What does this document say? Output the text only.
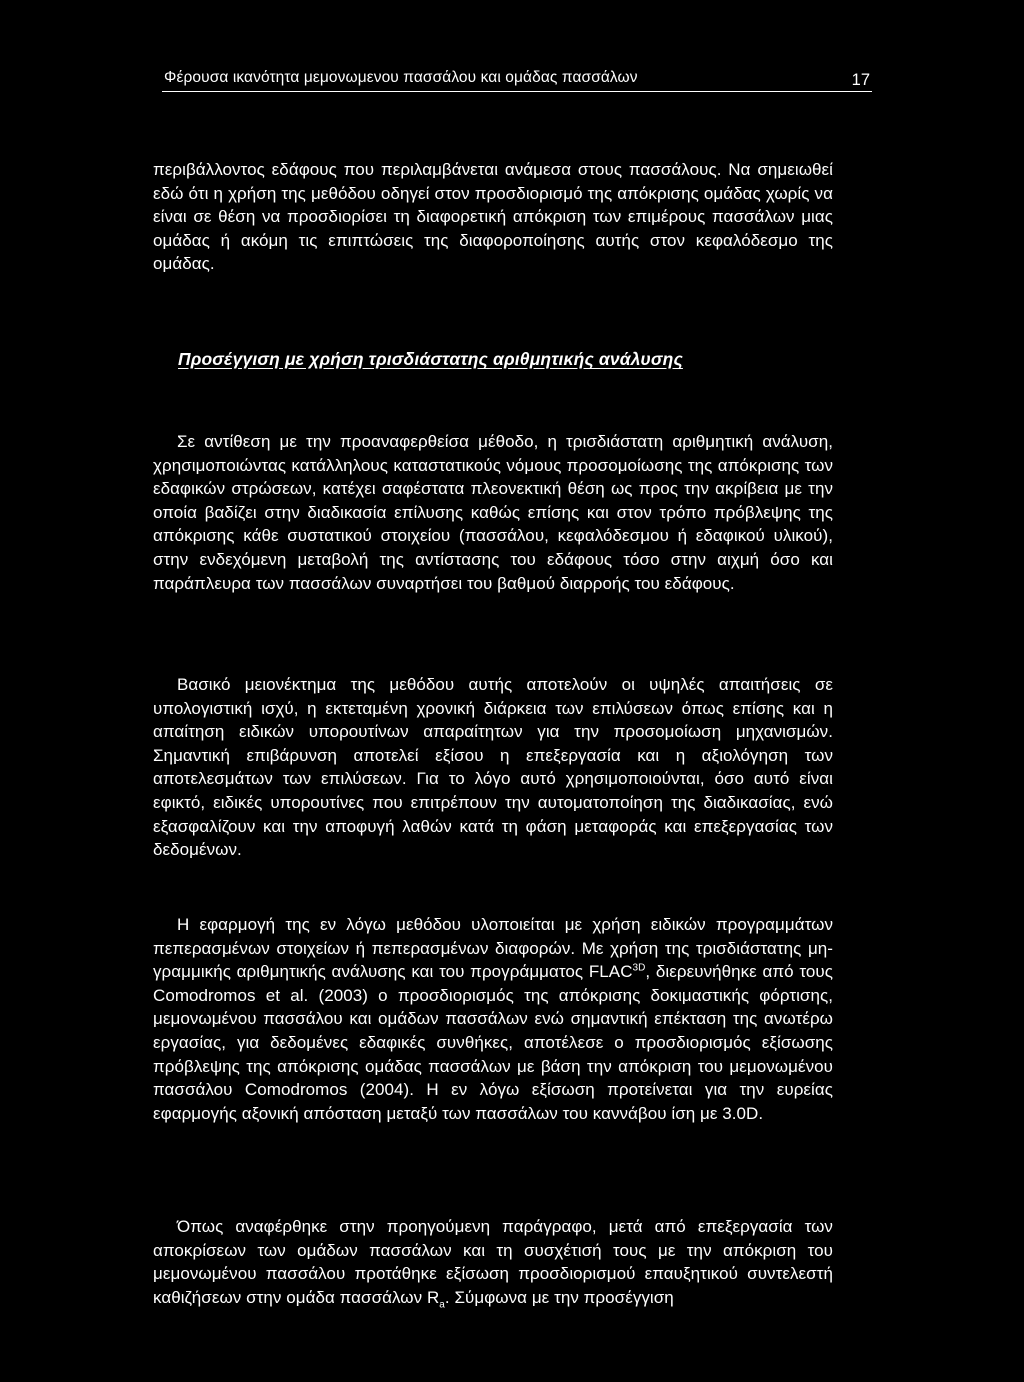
Φέρουσα ικανότητα μεμονωμενου πασσάλου και ομάδας πασσάλων	17

περιβάλλοντος εδάφους που περιλαμβάνεται ανάμεσα στους πασσάλους. Να σημειωθεί εδώ ότι η χρήση της μεθόδου οδηγεί στον προσδιορισμό της απόκρισης ομάδας χωρίς να είναι σε θέση να προσδιορίσει τη διαφορετική απόκριση των επιμέρους πασσάλων μιας ομάδας ή ακόμη τις επιπτώσεις της διαφοροποίησης αυτής στον κεφαλόδεσμο της ομάδας.

Προσέγγιση με χρήση τρισδιάστατης αριθμητικής ανάλυσης

Σε αντίθεση με την προαναφερθείσα μέθοδο, η τρισδιάστατη αριθμητική ανάλυση, χρησιμοποιώντας κατάλληλους καταστατικούς νόμους προσομοίωσης της απόκρισης των εδαφικών στρώσεων, κατέχει σαφέστατα πλεονεκτική θέση ως προς την ακρίβεια με την οποία βαδίζει στην διαδικασία επίλυσης καθώς επίσης και στον τρόπο πρόβλεψης της απόκρισης κάθε συστατικού στοιχείου (πασσάλου, κεφαλόδεσμου ή εδαφικού υλικού), στην ενδεχόμενη μεταβολή της αντίστασης του εδάφους τόσο στην αιχμή όσο και παράπλευρα των πασσάλων συναρτήσει του βαθμού διαρροής του εδάφους.

Βασικό μειονέκτημα της μεθόδου αυτής αποτελούν οι υψηλές απαιτήσεις σε υπολογιστική ισχύ, η εκτεταμένη χρονική διάρκεια των επιλύσεων όπως επίσης και η απαίτηση ειδικών υπορουτίνων απαραίτητων για την προσομοίωση μηχανισμών. Σημαντική επιβάρυνση αποτελεί εξίσου η επεξεργασία και η αξιολόγηση των αποτελεσμάτων των επιλύσεων. Για το λόγο αυτό χρησιμοποιούνται, όσο αυτό είναι εφικτό, ειδικές υπορουτίνες που επιτρέπουν την αυτοματοποίηση της διαδικασίας, ενώ εξασφαλίζουν και την αποφυγή λαθών κατά τη φάση μεταφοράς και επεξεργασίας των δεδομένων.

Η εφαρμογή της εν λόγω μεθόδου υλοποιείται με χρήση ειδικών προγραμμάτων πεπερασμένων στοιχείων ή πεπερασμένων διαφορών. Με χρήση της τρισδιάστατης μη-γραμμικής αριθμητικής ανάλυσης και του προγράμματος $FLAC^{3D}$, διερευνήθηκε από τους Comodromos et al. (2003) ο προσδιορισμός της απόκρισης δοκιμαστικής φόρτισης, μεμονωμένου πασσάλου και ομάδων πασσάλων ενώ σημαντική επέκταση της ανωτέρω εργασίας, για δεδομένες εδαφικές συνθήκες, αποτέλεσε ο προσδιορισμός εξίσωσης πρόβλεψης της απόκρισης ομάδας πασσάλων με βάση την απόκριση του μεμονωμένου πασσάλου Comodromos (2004). Η εν λόγω εξίσωση προτείνεται για την ευρείας εφαρμογής αξονική απόσταση μεταξύ των πασσάλων του καννάβου ίση με 3.0D.

Όπως αναφέρθηκε στην προηγούμενη παράγραφο, μετά από επεξεργασία των αποκρίσεων των ομάδων πασσάλων και τη συσχέτισή τους με την απόκριση του μεμονωμένου πασσάλου προτάθηκε εξίσωση προσδιορισμού επαυξητικού συντελεστή καθιζήσεων στην ομάδα πασσάλων $R_a$. Σύμφωνα με την προσέγγιση
